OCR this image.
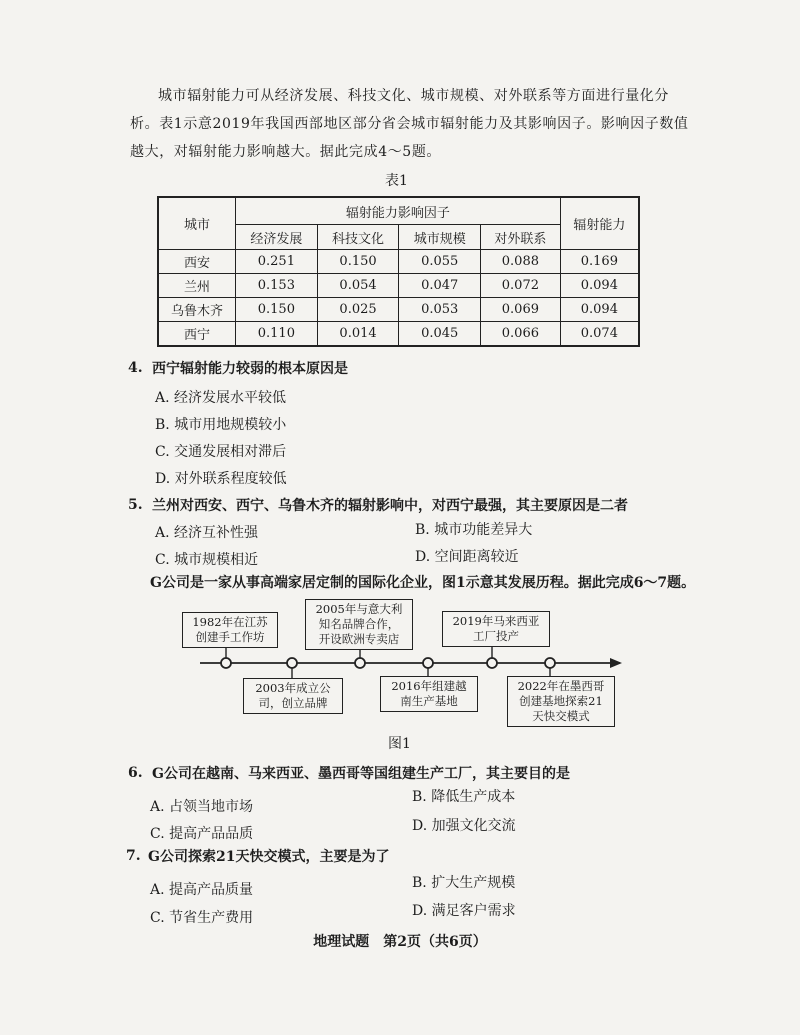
城市辐射能力可从经济发展、科技文化、城市规模、对外联系等方面进行量化分析。表1示意2019年我国西部地区部分省会城市辐射能力及其影响因子。影响因子数值越大，对辐射能力影响越大。据此完成4～5题。
表1
城市	辐射能力影响因子				辐射能力
	经济发展	科技文化	城市规模	对外联系	
西安	0.251	0.150	0.055	0.088	0.169
兰州	0.153	0.054	0.047	0.072	0.094
乌鲁木齐	0.150	0.025	0.053	0.069	0.094
西宁	0.110	0.014	0.045	0.066	0.074
4. 西宁辐射能力较弱的根本原因是
A. 经济发展水平较低
B. 城市用地规模较小
C. 交通发展相对滞后
D. 对外联系程度较低
5. 兰州对西安、西宁、乌鲁木齐的辐射影响中，对西宁最强，其主要原因是二者
A. 经济互补性强	B. 城市功能差异大
C. 城市规模相近	D. 空间距离较近
G公司是一家从事高端家居定制的国际化企业，图1示意其发展历程。据此完成6～7题。
1982年在江苏
创建手工作坊
2005年与意大利
知名品牌合作，
开设欧洲专卖店
2019年马来西亚
工厂投产
2003年成立公
司，创立品牌
2016年组建越
南生产基地
2022年在墨西哥
创建基地探索21
天快交模式
图1
6. G公司在越南、马来西亚、墨西哥等国组建生产工厂，其主要目的是
A. 占领当地市场
B. 降低生产成本
C. 提高产品品质	D. 加强文化交流
7. G公司探索21天快交模式，主要是为了
A. 提高产品质量	B. 扩大生产规模
C. 节省生产费用	D. 满足客户需求
地理试题　第2页（共6页）
